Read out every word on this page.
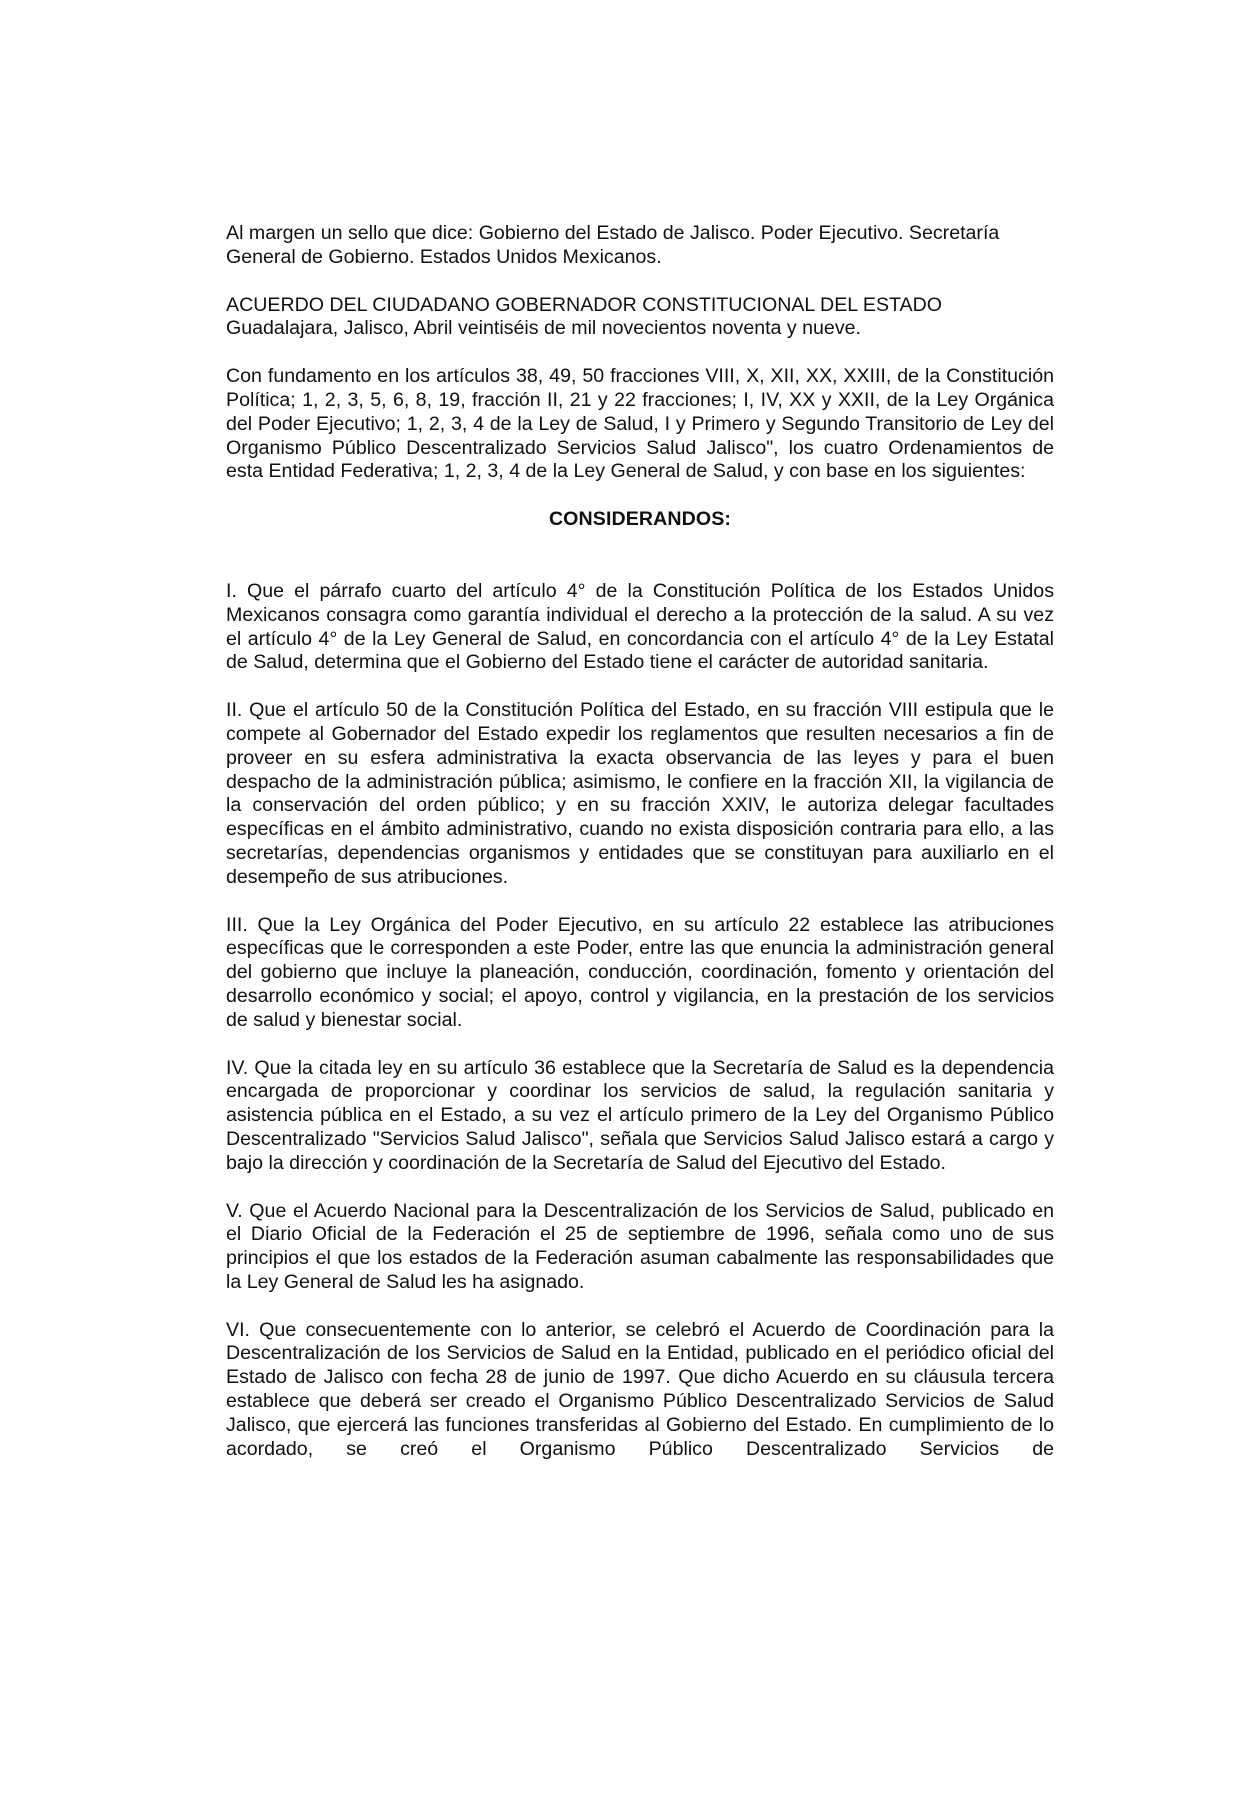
Al margen un sello que dice: Gobierno del Estado de Jalisco. Poder Ejecutivo. Secretaría

General de Gobierno. Estados Unidos Mexicanos.

ACUERDO DEL CIUDADANO GOBERNADOR CONSTITUCIONAL DEL ESTADO

Guadalajara, Jalisco, Abril veintiséis de mil novecientos noventa y nueve.

Con fundamento en los artículos 38, 49, 50 fracciones VIII, X, XII, XX, XXIII, de la Constitución Política; 1, 2, 3, 5, 6, 8, 19, fracción II, 21 y 22 fracciones; I, IV, XX y XXII, de la Ley Orgánica del Poder Ejecutivo; 1, 2, 3, 4 de la Ley de Salud, I y Primero y Segundo Transitorio de Ley del Organismo Público Descentralizado Servicios Salud Jalisco", los cuatro Ordenamientos de esta Entidad Federativa; 1, 2, 3, 4 de la Ley General de Salud, y con base en los siguientes:

CONSIDERANDOS:

I. Que el párrafo cuarto del artículo 4° de la Constitución Política de los Estados Unidos Mexicanos consagra como garantía individual el derecho a la protección de la salud. A su vez el artículo 4° de la Ley General de Salud, en concordancia con el artículo 4° de la Ley Estatal de Salud, determina que el Gobierno del Estado tiene el carácter de autoridad sanitaria.

II. Que el artículo 50 de la Constitución Política del Estado, en su fracción VIII estipula que le compete al Gobernador del Estado expedir los reglamentos que resulten necesarios a fin de proveer en su esfera administrativa la exacta observancia de las leyes y para el buen despacho de la administración pública; asimismo, le confiere en la fracción XII, la vigilancia de la conservación del orden público; y en su fracción XXIV, le autoriza delegar facultades específicas en el ámbito administrativo, cuando no exista disposición contraria para ello, a las secretarías, dependencias organismos y entidades que se constituyan para auxiliarlo en el desempeño de sus atribuciones.

III. Que la Ley Orgánica del Poder Ejecutivo, en su artículo 22 establece las atribuciones específicas que le corresponden a este Poder, entre las que enuncia la administración general del gobierno que incluye la planeación, conducción, coordinación, fomento y orientación del desarrollo económico y social; el apoyo, control y vigilancia, en la prestación de los servicios de salud y bienestar social.

IV. Que la citada ley en su artículo 36 establece que la Secretaría de Salud es la dependencia encargada de proporcionar y coordinar los servicios de salud, la regulación sanitaria y asistencia pública en el Estado, a su vez el artículo primero de la Ley del Organismo Público Descentralizado "Servicios Salud Jalisco", señala que Servicios Salud Jalisco estará a cargo y bajo la dirección y coordinación de la Secretaría de Salud del Ejecutivo del Estado.

V. Que el Acuerdo Nacional para la Descentralización de los Servicios de Salud, publicado en el Diario Oficial de la Federación el 25 de septiembre de 1996, señala como uno de sus principios el que los estados de la Federación asuman cabalmente las responsabilidades que la Ley General de Salud les ha asignado.

VI. Que consecuentemente con lo anterior, se celebró el Acuerdo de Coordinación para la Descentralización de los Servicios de Salud en la Entidad, publicado en el periódico oficial del Estado de Jalisco con fecha 28 de junio de 1997. Que dicho Acuerdo en su cláusula tercera establece que deberá ser creado el Organismo Público Descentralizado Servicios de Salud Jalisco, que ejercerá las funciones transferidas al Gobierno del Estado. En cumplimiento de lo acordado, se creó el Organismo Público Descentralizado Servicios de
